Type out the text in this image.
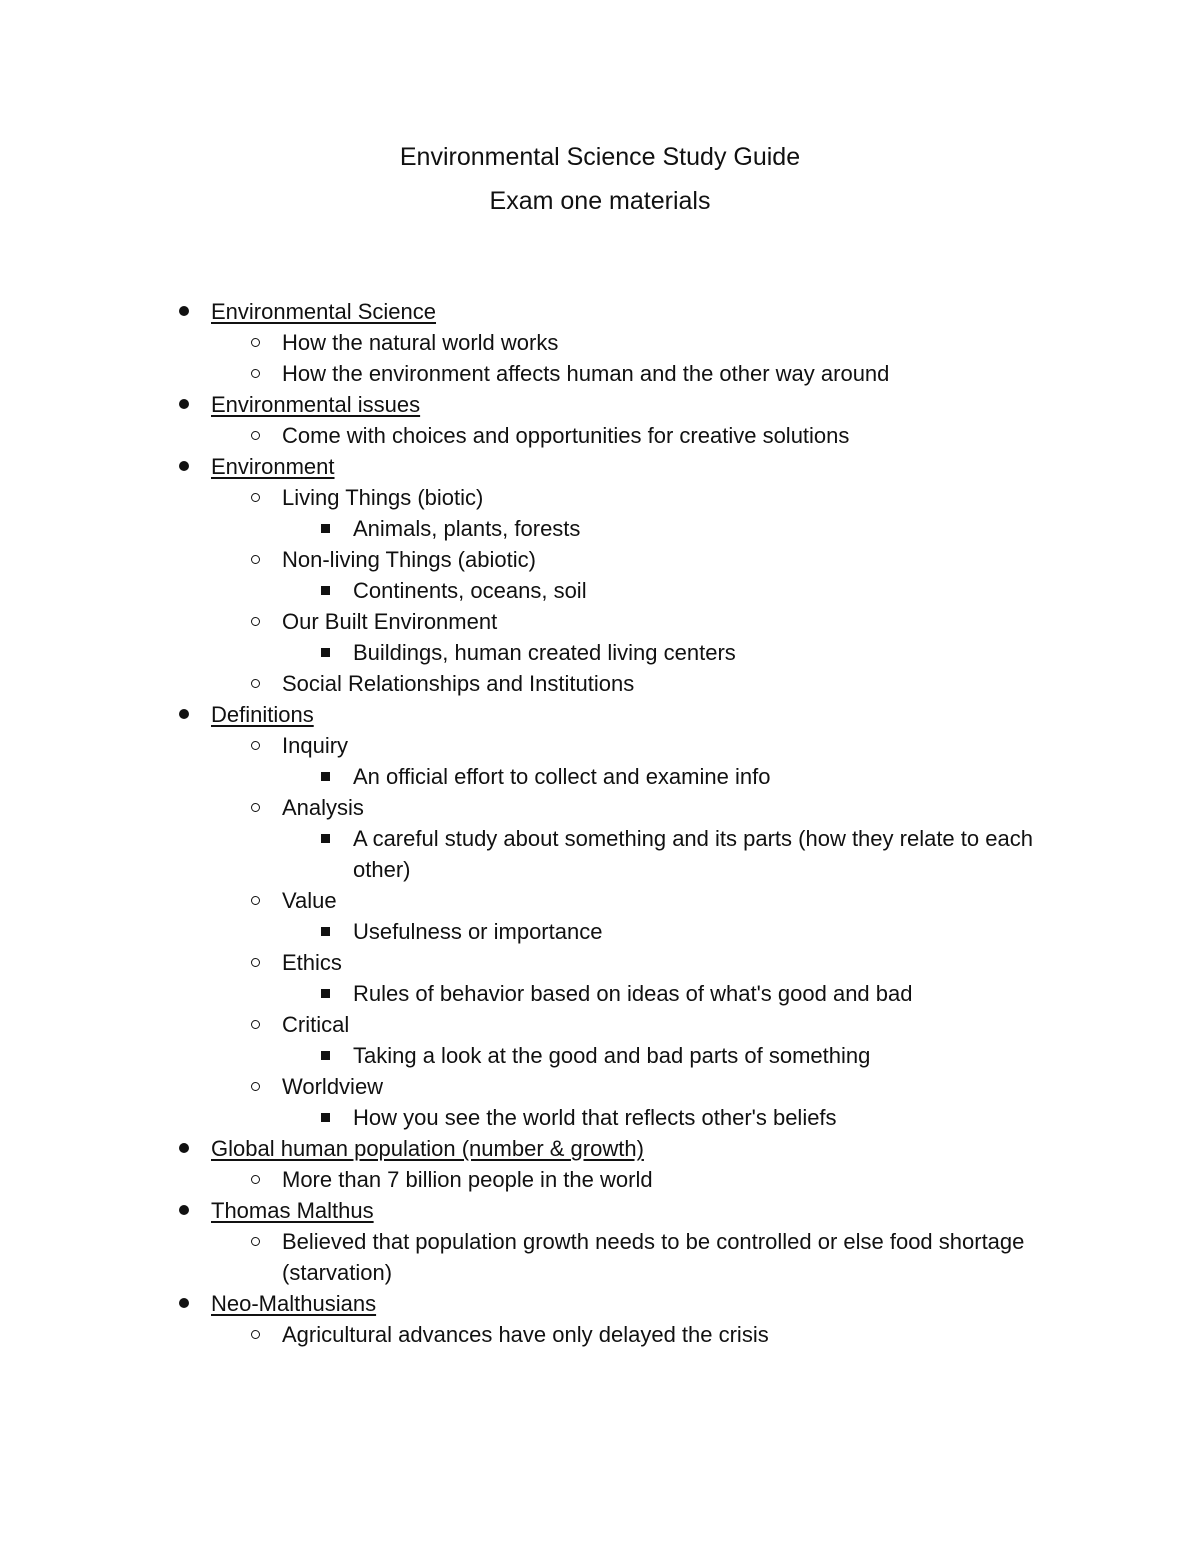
Environmental Science Study Guide
Exam one materials
Environmental Science
How the natural world works
How the environment affects human and the other way around
Environmental issues
Come with choices and opportunities for creative solutions
Environment
Living Things (biotic)
Animals, plants, forests
Non-living Things (abiotic)
Continents, oceans, soil
Our Built Environment
Buildings, human created living centers
Social Relationships and Institutions
Definitions
Inquiry
An official effort to collect and examine info
Analysis
A careful study about something and its parts (how they relate to each other)
Value
Usefulness or importance
Ethics
Rules of behavior based on ideas of what's good and bad
Critical
Taking a look at the good and bad parts of something
Worldview
How you see the world that reflects other's beliefs
Global human population (number & growth)
More than 7 billion people in the world
Thomas Malthus
Believed that population growth needs to be controlled or else food shortage (starvation)
Neo-Malthusians
Agricultural advances have only delayed the crisis
